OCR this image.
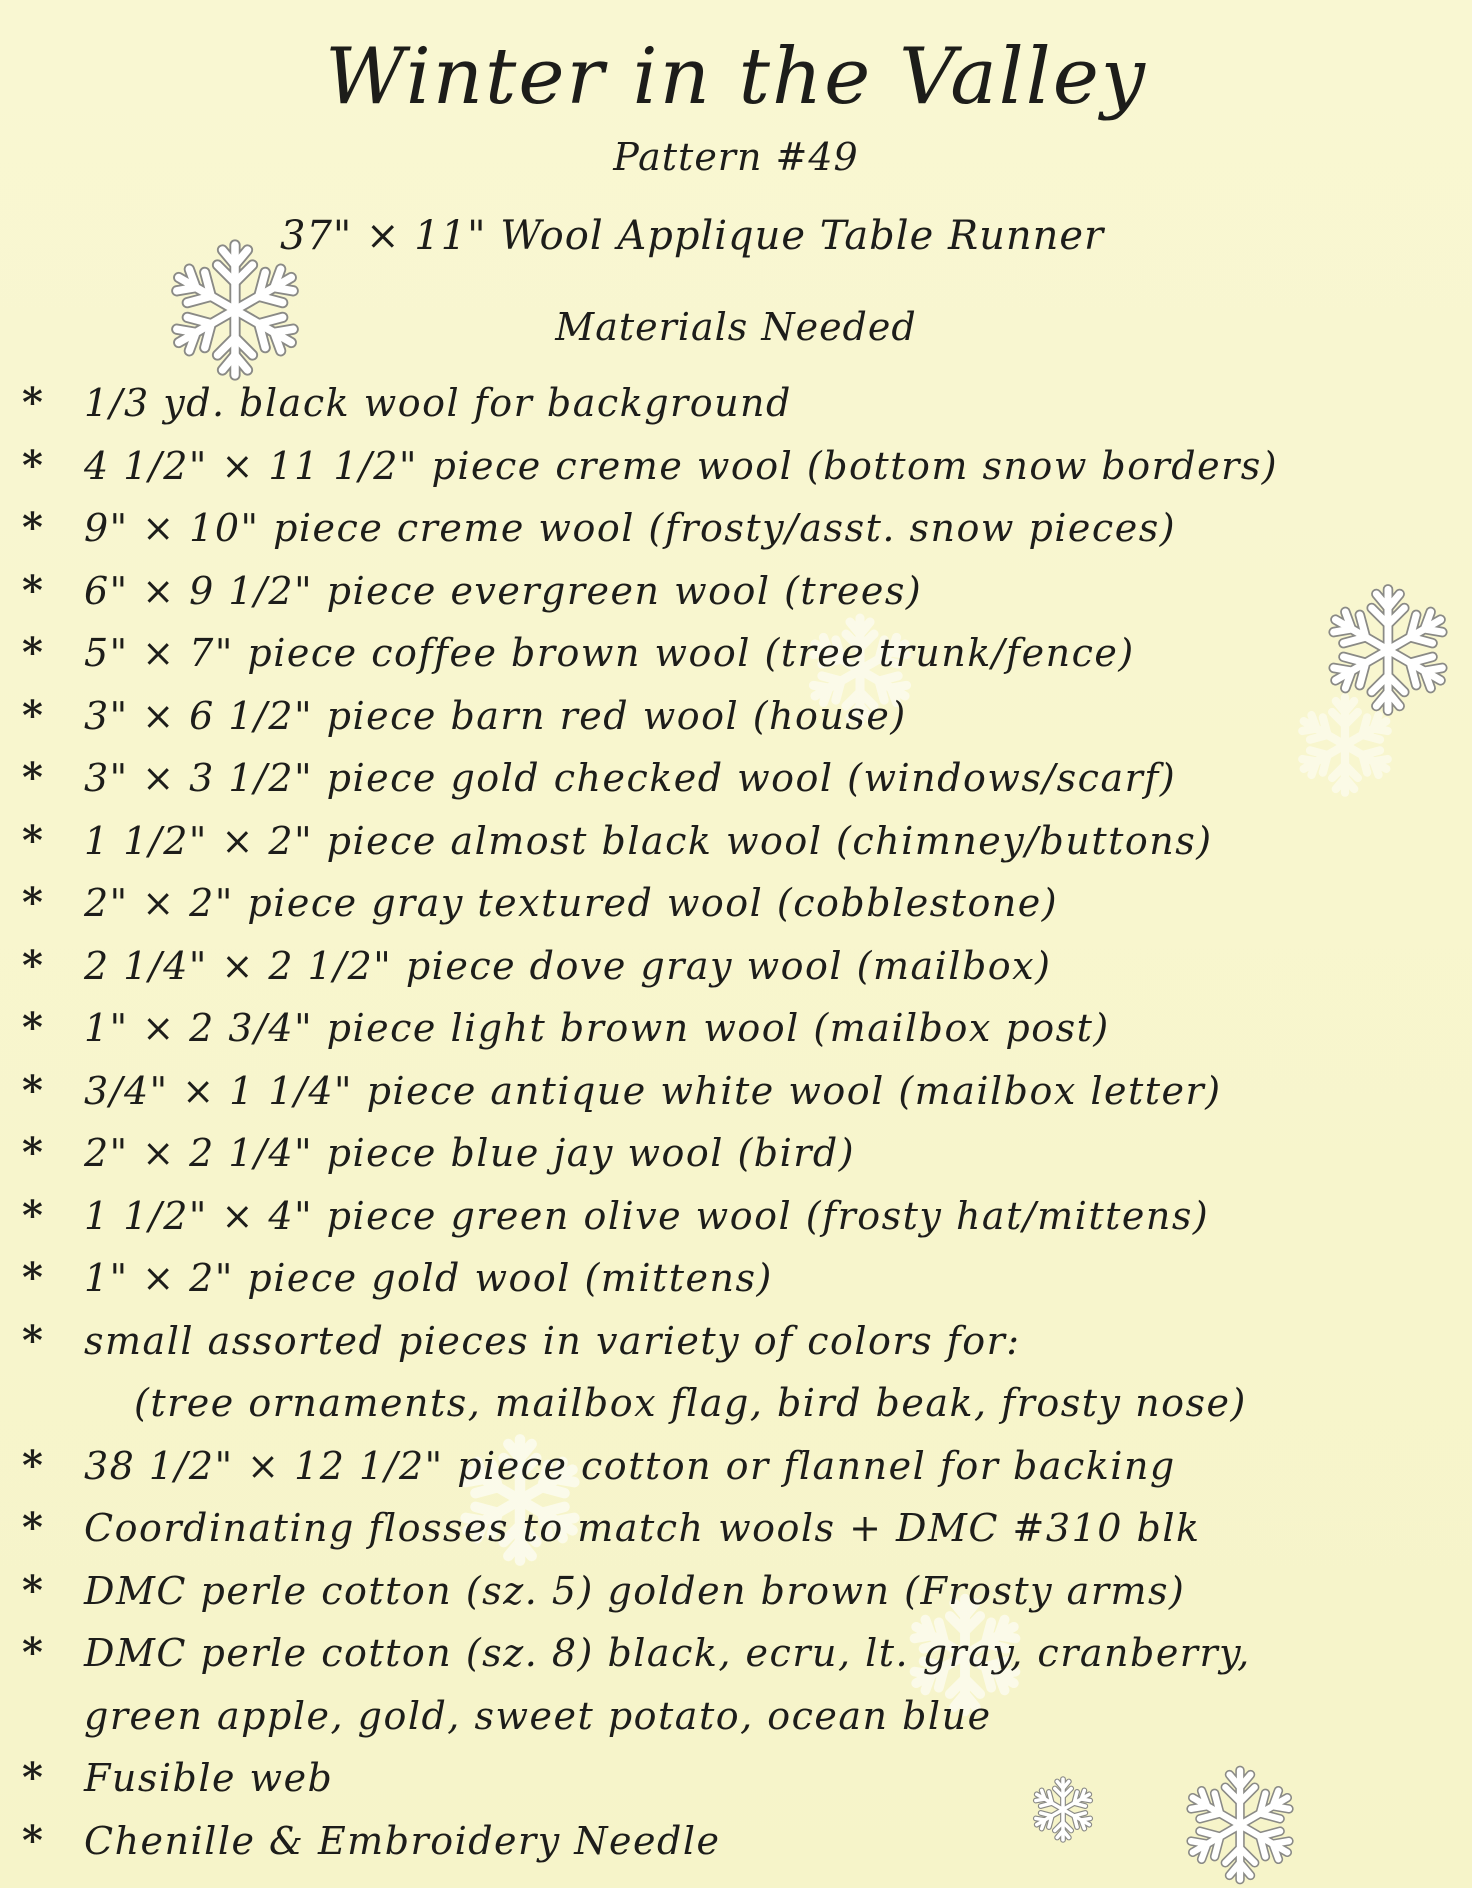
Winter in the Valley
Pattern #49
37" × 11" Wool Applique Table Runner
Materials Needed
*	1/3 yd. black wool for background
*	4 1/2" × 11 1/2" piece creme wool (bottom snow borders)
*	9" × 10" piece creme wool (frosty/asst. snow pieces)
*	6" × 9 1/2" piece evergreen wool (trees)
*	5" × 7" piece coffee brown wool (tree trunk/fence)
*	3" × 6 1/2" piece barn red wool (house)
*	3" × 3 1/2" piece gold checked wool (windows/scarf)
*	1 1/2" × 2" piece almost black wool (chimney/buttons)
*	2" × 2" piece gray textured wool (cobblestone)
*	2 1/4" × 2 1/2" piece dove gray wool (mailbox)
*	1" × 2 3/4" piece light brown wool (mailbox post)
*	3/4" × 1 1/4" piece antique white wool (mailbox letter)
*	2" × 2 1/4" piece blue jay wool (bird)
*	1 1/2" × 4" piece green olive wool (frosty hat/mittens)
*	1" × 2" piece gold wool (mittens)
*	small assorted pieces in variety of colors for:
(tree ornaments, mailbox flag, bird beak, frosty nose)
*	38 1/2" × 12 1/2" piece cotton or flannel for backing
*	Coordinating flosses to match wools + DMC #310 blk
*	DMC perle cotton (sz. 5) golden brown (Frosty arms)
*	DMC perle cotton (sz. 8) black, ecru, lt. gray, cranberry,
green apple, gold, sweet potato, ocean blue
*	Fusible web
*	Chenille & Embroidery Needle
